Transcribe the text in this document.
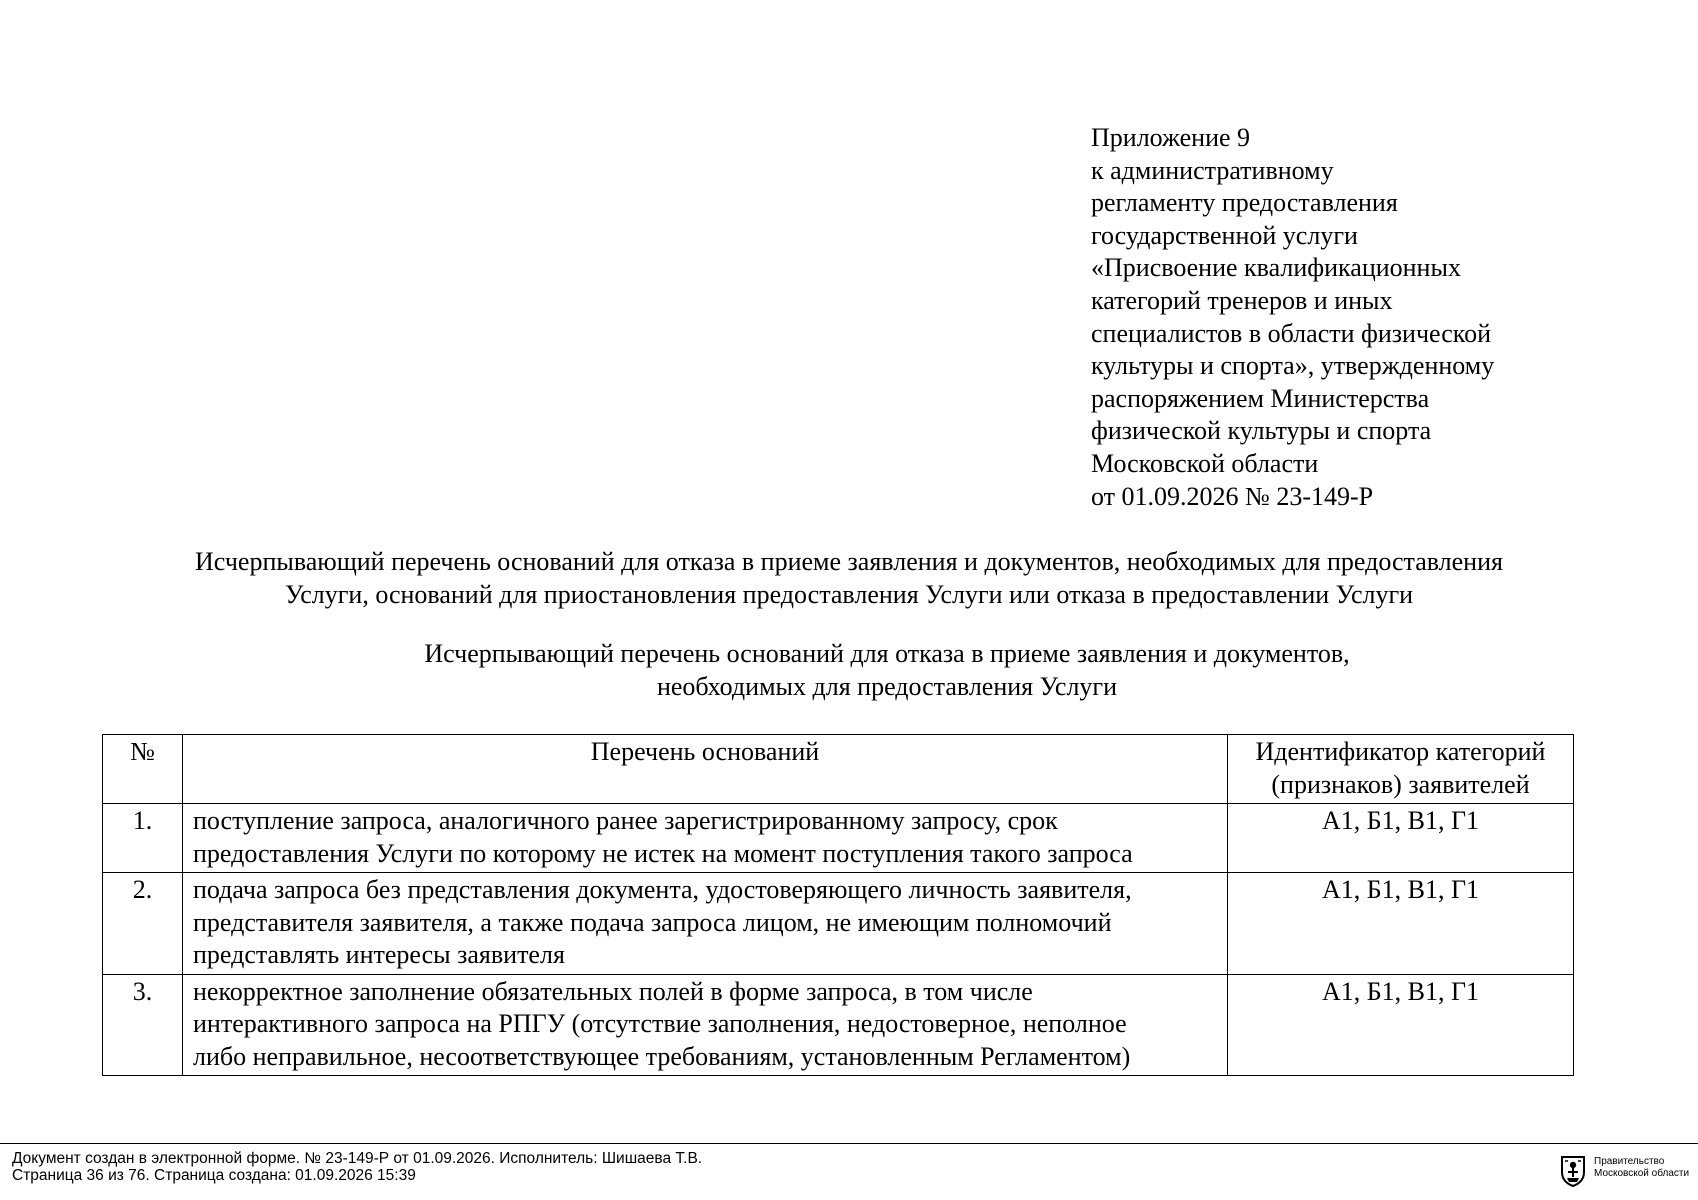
Приложение 9
к административному
регламенту предоставления
государственной услуги
«Присвоение квалификационных
категорий тренеров и иных
специалистов в области физической
культуры и спорта», утвержденному
распоряжением Министерства
физической культуры и спорта
Московской области
от 01.09.2026 № 23-149-Р
Исчерпывающий перечень оснований для отказа в приеме заявления и документов, необходимых для предоставления
Услуги, оснований для приостановления предоставления Услуги или отказа в предоставлении Услуги
Исчерпывающий перечень оснований для отказа в приеме заявления и документов,
необходимых для предоставления Услуги
№	Перечень оснований	Идентификатор категорий
(признаков) заявителей

1.	поступление запроса, аналогичного ранее зарегистрированному запросу, срок
предоставления Услуги по которому не истек на момент поступления такого запроса	А1, Б1, В1, Г1
2.	подача запроса без представления документа, удостоверяющего личность заявителя,
представителя заявителя, а также подача запроса лицом, не имеющим полномочий
представлять интересы заявителя	А1, Б1, В1, Г1
3.	некорректное заполнение обязательных полей в форме запроса, в том числе
интерактивного запроса на РПГУ (отсутствие заполнения, недостоверное, неполное
либо неправильное, несоответствующее требованиям, установленным Регламентом)	А1, Б1, В1, Г1
Документ создан в электронной форме. № 23-149-Р от 01.09.2026. Исполнитель: Шишаева Т.В.
Страница 36 из 76. Страница создана: 01.09.2026 15:39
Правительство
Московской области
